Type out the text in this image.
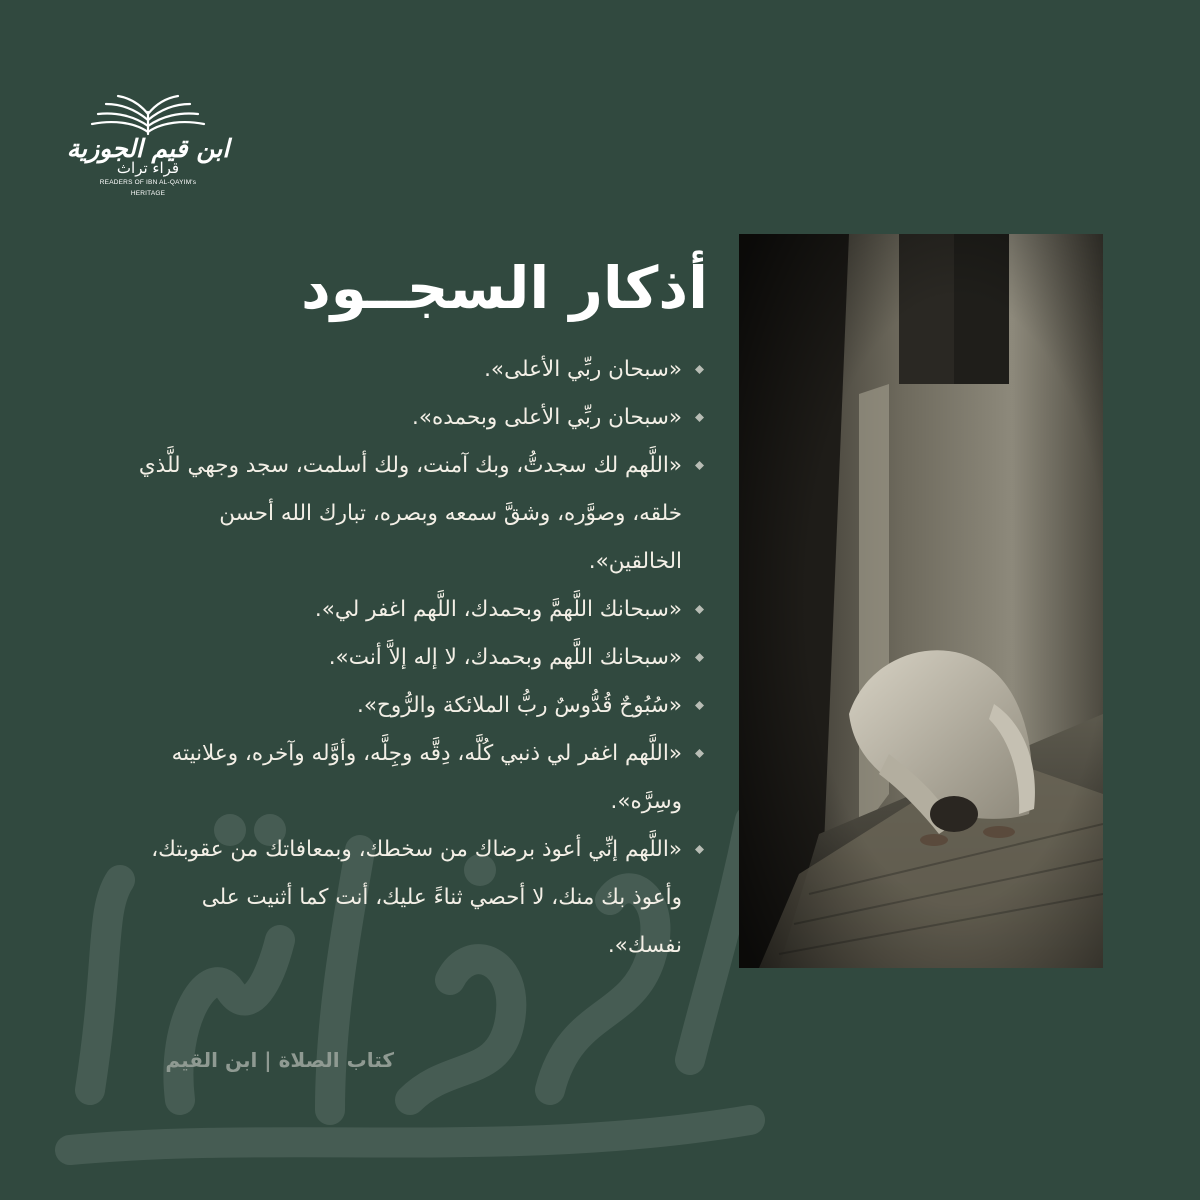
ابن قيم الجوزية
قراء تراث
READERS OF IBN AL-QAYIM's
HERITAGE
أذكار السجــود
«سبحان ربِّي الأعلى».
«سبحان ربِّي الأعلى وبحمده».
«اللَّهم لك سجدتُّ، وبك آمنت، ولك أسلمت، سجد وجهي للَّذي خلقه، وصوَّره، وشقَّ سمعه وبصره، تبارك الله أحسن الخالقين».
«سبحانك اللَّهمَّ وبحمدك، اللَّهم اغفر لي».
«سبحانك اللَّهم وبحمدك، لا إله إلاَّ أنت».
«سُبُوحٌ قُدُّوسٌ ربُّ الملائكة والرُّوح».
«اللَّهم اغفر لي ذنبي كُلَّه، دِقَّه وجِلَّه، وأوَّله وآخره، وعلانيته وسِرَّه».
«اللَّهم إنِّي أعوذ برضاك من سخطك، وبمعافاتك من عقوبتك، وأعوذ بك منك، لا أحصي ثناءً عليك، أنت كما أثنيت على نفسك».
كتاب الصلاة | ابن القيم
